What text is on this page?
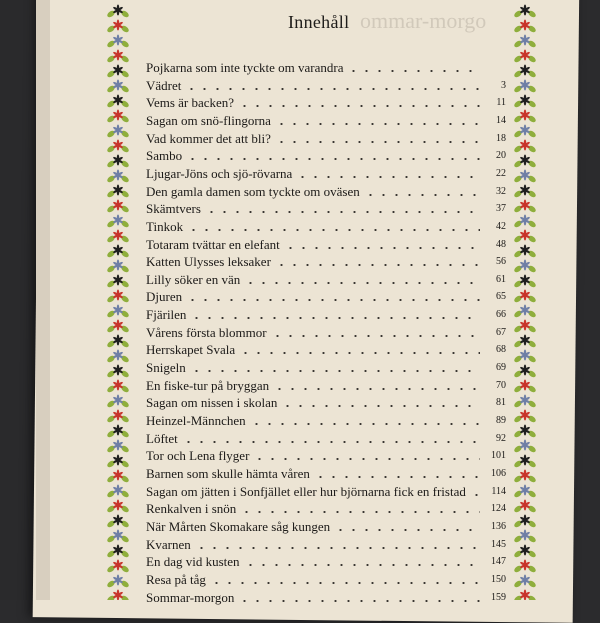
ommar-morgo
Innehåll
Pojkarna som inte tyckte om varandra
Vädret	3
Vems är backen?	11
Sagan om snö-flingorna	14
Vad kommer det att bli?	18
Sambo	20
Ljugar-Jöns och sjö-rövarna	22
Den gamla damen som tyckte om oväsen	32
Skämtvers	37
Tinkok	42
Totaram tvättar en elefant	48
Katten Ulysses leksaker	56
Lilly söker en vän	61
Djuren	65
Fjärilen	66
Vårens första blommor	67
Herrskapet Svala	68
Snigeln	69
En fiske-tur på bryggan	70
Sagan om nissen i skolan	81
Heinzel-Männchen	89
Löftet	92
Tor och Lena flyger	101
Barnen som skulle hämta våren	106
Sagan om jätten i Sonfjället eller hur björnarna fick en fristad	114
Renkalven i snön	124
När Mårten Skomakare såg kungen	136
Kvarnen	145
En dag vid kusten	147
Resa på tåg	150
Sommar-morgon	159
